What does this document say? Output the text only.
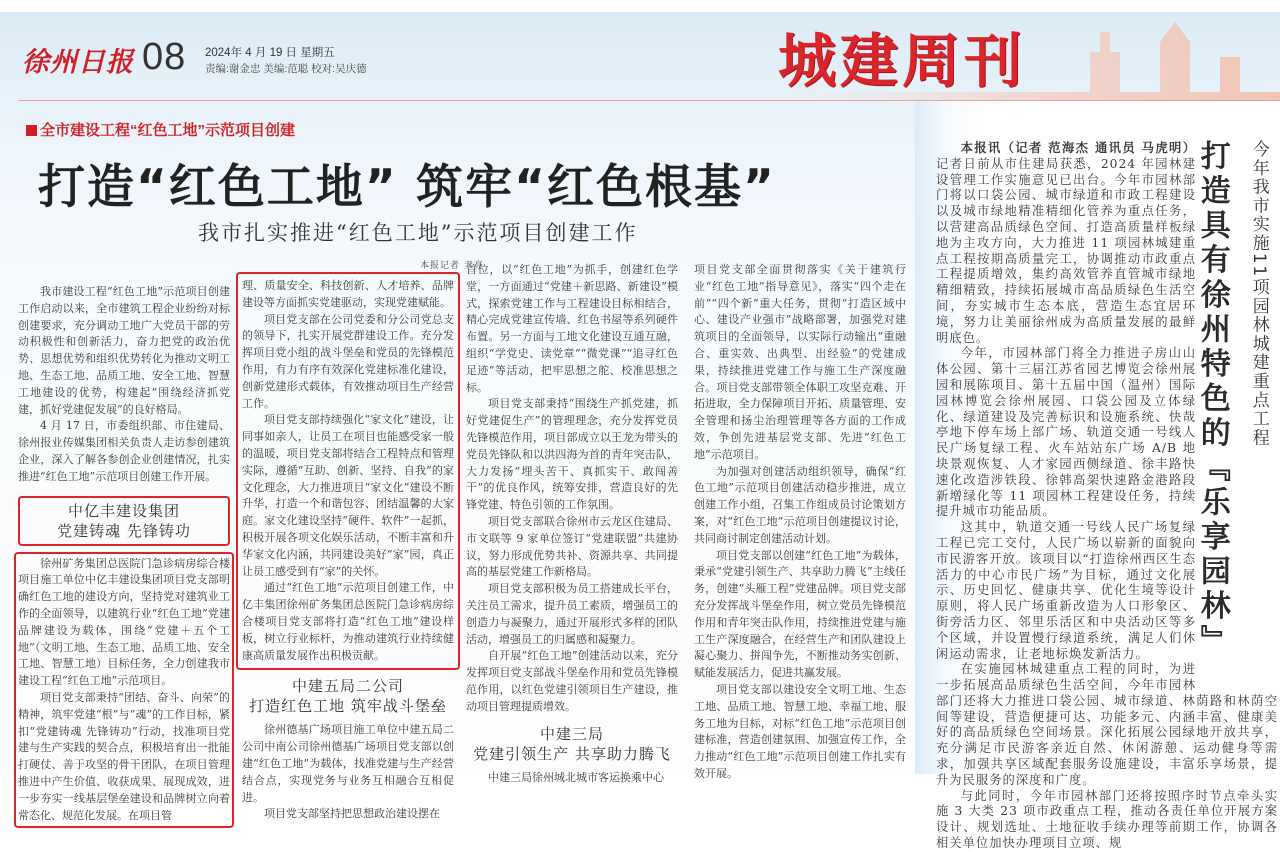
徐州日报 08 2024年 4 月 19 日 星期五
责编:谢金忠 美编:范聪 校对:吴庆德	城建周刊
全市建设工程“红色工地”示范项目创建
打造“红色工地” 筑牢“红色根基”
我市扎实推进“红色工地”示范项目创建工作
本报记者 尹亮

我市建设工程“红色工地”示范项目创建工作启动以来，全市建筑工程企业纷纷对标创建要求，充分调动工地广大党员干部的劳动积极性和创新活力，奋力把党的政治优势、思想优势和组织优势转化为推动文明工地、生态工地、品质工地、安全工地、智慧工地建设的优势，构建起“围绕经济抓党建，抓好党建促发展”的良好格局。

4 月 17 日，市委组织部、市住建局、徐州报业传媒集团相关负责人走访参创建筑企业，深入了解各参创企业创建情况，扎实推进“红色工地”示范项目创建工作开展。

中亿丰建设集团
党建铸魂 先锋铸功

徐州矿务集团总医院门急诊病房综合楼项目施工单位中亿丰建设集团项目党支部明确红色工地的建设方向，坚持党对建筑业工作的全面领导，以建筑行业“红色工地”党建品牌建设为载体，围绕“党建＋五个工地”（文明工地、生态工地、品质工地、安全工地、智慧工地）目标任务，全力创建我市建设工程“红色工地”示范项目。

项目党支部秉持“团结、奋斗、向荣”的精神，筑牢党建“根”与“魂”的工作目标，紧扣“党建铸魂 先锋铸功”行动，找准项目党建与生产实践的契合点，积极培育出一批能打硬仗、善于攻坚的骨干团队，在项目管理推进中产生价值、收获成果、展现成效，进一步夯实一线基层堡垒建设和品牌树立向着常态化、规范化发展。在项目管

理、质量安全、科技创新、人才培养、品牌建设等方面抓实党建驱动，实现党建赋能。

项目党支部在公司党委和分公司党总支的领导下，扎实开展党群建设工作。充分发挥项目党小组的战斗堡垒和党员的先锋模范作用，有力有序有效深化党建标准化建设，创新党建形式载体，有效推动项目生产经营工作。

项目党支部持续强化“家文化”建设，让同事如亲人，让员工在项目也能感受家一般的温暖，项目党支部将结合工程特点和管理实际，遵循“互助、创新、坚持、自我”的家文化理念，大力推进项目“家文化”建设不断升华，打造一个和谐包容、团结温馨的大家庭。家文化建设坚持“硬件、软件”一起抓，积极开展各项文化娱乐活动，不断丰富和升华家文化内涵，共同建设美好“家”园，真正让员工感受到有“家”的关怀。

通过“红色工地”示范项目创建工作，中亿丰集团徐州矿务集团总医院门急诊病房综合楼项目党支部将打造“红色工地”建设样板，树立行业标杆，为推动建筑行业持续健康高质量发展作出积极贡献。

中建五局二公司
打造红色工地 筑牢战斗堡垒

徐州德基广场项目施工单位中建五局二公司中南公司徐州德基广场项目党支部以创建“红色工地”为载体，找准党建与生产经营结合点，实现党务与业务互相融合互相促进。

项目党支部坚持把思想政治建设摆在

首位，以“红色工地”为抓手，创建红色学堂，一方面通过“党建＋新思路、新建设”模式，探索党建工作与工程建设目标相结合，精心完成党建宣传墙、红色书屋等系列硬件布置。另一方面与工地文化建设互通互融，组织“学党史、读党章”“微党课”“追寻红色足迹”等活动，把牢思想之舵、校准思想之标。

项目党支部秉持“围绕生产抓党建，抓好党建促生产”的管理理念，充分发挥党员先锋模范作用，项目部成立以王龙为带头的党员先锋队和以洪四海为首的青年突击队，大力发扬“埋头苦干、真抓实干、敢闯善干”的优良作风，统筹安排，营造良好的先锋党建、特色引领的工作氛围。

项目党支部联合徐州市云龙区住建局、市文联等 9 家单位签订“党建联盟”共建协议，努力形成优势共补、资源共享、共同提高的基层党建工作新格局。

项目党支部积极为员工搭建成长平台，关注员工需求，提升员工素质，增强员工的创造力与凝聚力，通过开展形式多样的团队活动，增强员工的归属感和凝聚力。

自开展“红色工地”创建活动以来，充分发挥项目党支部战斗堡垒作用和党员先锋模范作用，以红色党建引领项目生产建设，推动项目管理提质增效。

中建三局
党建引领生产 共享助力腾飞

中建三局徐州城北城市客运换乘中心

项目党支部全面贯彻落实《关于建筑行业“红色工地”指导意见》，落实“四个走在前”“四个新”重大任务，贯彻“打造区域中心、建设产业强市”战略部署，加强党对建筑项目的全面领导，以实际行动输出“重融合、重实效、出典型、出经验”的党建成果，持续推进党建工作与施工生产深度融合。项目党支部带领全体职工攻坚克难、开拓进取，全力保障项目开拓、质量管理、安全管理和扬尘治理管理等各方面的工作成效，争创先进基层党支部、先进“红色工地”示范项目。

为加强对创建活动组织领导，确保“红色工地”示范项目创建活动稳步推进，成立创建工作小组，召集工作组成员讨论策划方案，对“红色工地”示范项目创建提议讨论，共同商讨制定创建活动计划。

项目党支部以创建“红色工地”为载体，秉承“党建引领生产、共享助力腾飞”主线任务，创建“头雁工程”党建品牌。项目党支部充分发挥战斗堡垒作用，树立党员先锋模范作用和青年突击队作用，持续推进党建与施工生产深度融合，在经营生产和团队建设上凝心聚力、拼闯争先，不断推动务实创新、赋能发展活力，促进共赢发展。

项目党支部以建设安全文明工地、生态工地、品质工地、智慧工地、幸福工地、服务工地为目标，对标“红色工地”示范项目创建标准，营造创建氛围、加强宣传工作，全力推动“红色工地”示范项目创建工作扎实有效开展。

打造具有徐州特色的『乐享园林』 今年我市实施11项园林城建重点工程

本报讯（记者 范海杰 通讯员 马虎明）记者日前从市住建局获悉，2024 年园林建设管理工作实施意见已出台。今年市园林部门将以口袋公园、城市绿道和市政工程建设以及城市绿地精准精细化管养为重点任务，以营建高品质绿色空间、打造高质量样板绿地为主攻方向，大力推进 11 项园林城建重点工程按期高质量完工，协调推动市政重点工程提质增效，集约高效管养直管城市绿地精细精致，持续拓展城市高品质绿色生活空间，夯实城市生态本底，营造生态宜居环境，努力让美丽徐州成为高质量发展的最鲜明底色。

今年，市园林部门将全力推进子房山山体公园、第十三届江苏省园艺博览会徐州展园和展陈项目、第十五届中国（温州）国际园林博览会徐州展园、口袋公园及立体绿化、绿道建设及完善标识和设施系统、快哉亭地下停车场上部广场、轨道交通一号线人民广场复绿工程、火车站站东广场 A/B 地块景观恢复、人才家园西侧绿道、徐丰路快速化改造涉铁段、徐韩高架快速路金港路段新增绿化等 11 项园林工程建设任务，持续提升城市功能品质。

这其中，轨道交通一号线人民广场复绿工程已完工交付，人民广场以崭新的面貌向市民游客开放。该项目以“打造徐州西区生态活力的中心市民广场”为目标，通过文化展示、历史回忆、健康共享、优化生境等设计原则，将人民广场重新改造为人口形象区、街旁活力区、邻里乐活区和中央活动区等多个区域，并设置慢行绿道系统，满足人们休闲运动需求，让老地标焕发新活力。

在实施园林城建重点工程的同时，为进一步拓展高品质绿色生活空间，今年市园林部门还将大力推进口袋公园、城市绿道、林荫路和林荫空间等建设，营造便捷可达、功能多元、内涵丰富、健康美好的高品质绿色空间场景。深化拓展公园绿地开放共享，充分满足市民游客亲近自然、休闲游憩、运动健身等需求，加强共享区域配套服务设施建设，丰富乐享场景，提升为民服务的深度和广度。

与此同时，今年市园林部门还将按照序时节点牵头实施 3 大类 23 项市政重点工程，推动各责任单位开展方案设计、规划选址、土地征收手续办理等前期工作，协调各相关单位加快办理项目立项、规
